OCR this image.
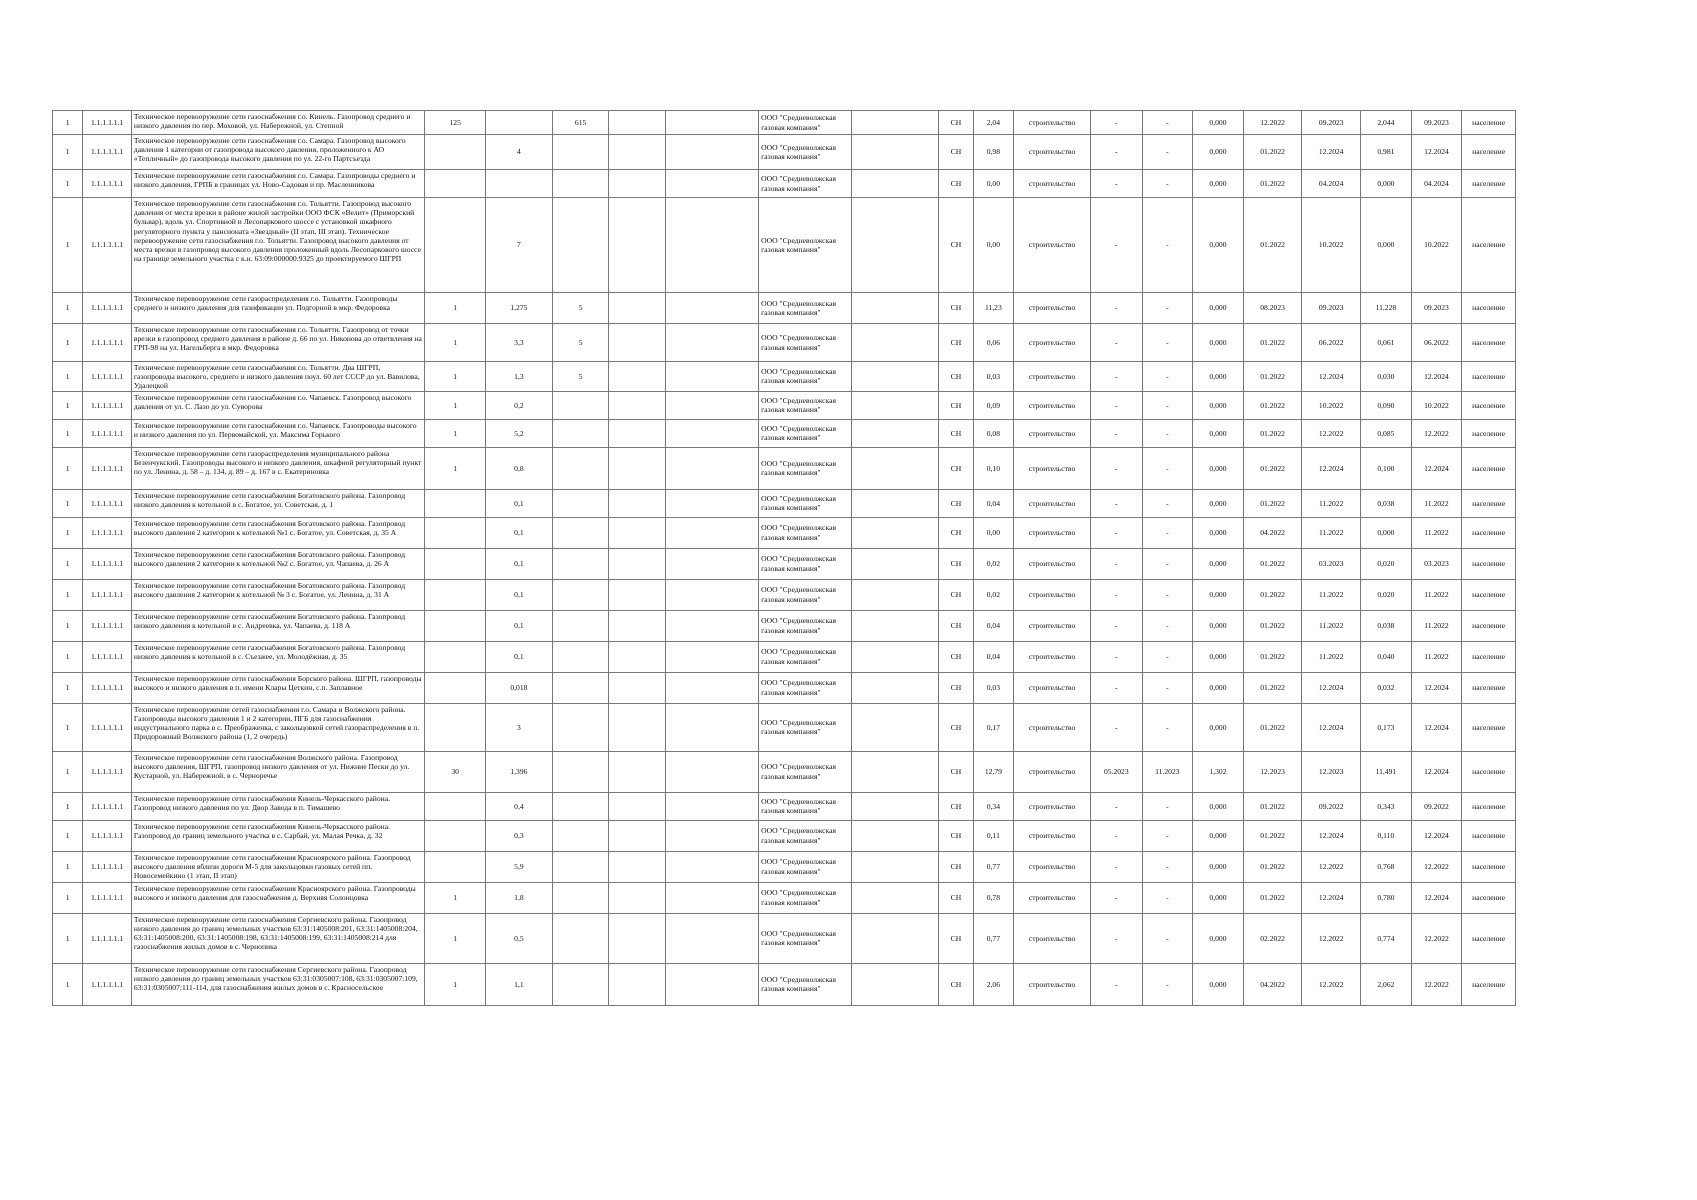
1	1.1.1.1.1.1	Техническое перевооружение сети газоснабжения г.о. Кинель. Газопровод среднего и низкого давления по пер. Моховой, ул. Набережной, ул. Степной	125		615			ООО "Средневолжская газовая компания"		СН	2,04	строительство	-	-	0,000	12.2022	09.2023	2,044	09.2023	население
1	1.1.1.1.1.1	Техническое перевооружение сети газоснабжения г.о. Самара. Газопровод высокого давления 1 категории от газопровода высокого давления, проложенного к АО «Тепличный» до газопровода высокого давления по ул. 22-го Партсъезда		4				ООО "Средневолжская газовая компания"		СН	0,98	строительство	-	-	0,000	01.2022	12.2024	0,981	12.2024	население
1	1.1.1.1.1.1	Техническое перевооружение сети газоснабжения г.о. Самара. Газопроводы среднего и низкого давления, ГРПБ в границах ул. Ново-Садовая и пр. Масленникова						ООО "Средневолжская газовая компания"		СН	0,00	строительство	-	-	0,000	01.2022	04.2024	0,000	04.2024	население
1	1.1.1.1.1.1	Техническое перевооружение сети газоснабжения г.о. Тольятти. Газопровод высокого давления от места врезки в районе жилой застройки ООО ФСК «Велит» (Приморский бульвар), вдоль ул. Спортивной и Лесопаркового шоссе с установкой шкафного регуляторного пункта у пансионата «Звездный» (II этап, III этап). Техническое перевооружение сети газоснабжения г.о. Тольятти. Газопровод высокого давления от места врезки в газопровод высокого давления проложенный вдоль Лесопаркового шоссе на границе земельного участка с к.н. 63:09:000000:9325 до проектируемого ШГРП		7				ООО "Средневолжская газовая компания"		СН	0,00	строительство	-	-	0,000	01.2022	10.2022	0,000	10.2022	население
1	1.1.1.1.1.1	Техническое перевооружение сети газораспределения г.о. Тольятти. Газопроводы среднего и низкого давления для газификации ул. Подгорной в мкр. Федоровка	1	1,275	5			ООО "Средневолжская газовая компания"		СН	11,23	строительство	-	-	0,000	08.2023	09.2023	11,228	09.2023	население
1	1.1.1.1.1.1	Техническое перевооружение сети газоснабжения г.о. Тольятти. Газопровод от точки врезки в газопровод среднего давления в районе д. 66 по ул. Никонова до ответвления на ГРП-98 на ул. Нагельберга в мкр. Федоровка	1	3,3	5			ООО "Средневолжская газовая компания"		СН	0,06	строительство	-	-	0,000	01.2022	06.2022	0,061	06.2022	население
1	1.1.1.1.1.1	Техническое перевооружение сети газоснабжения г.о. Тольятти. Два ШГРП, газопроводы высокого, среднего и низкого давления поул. 60 лет СССР до ул. Вавилова, Удалецкой	1	1,3	5			ООО "Средневолжская газовая компания"		СН	0,03	строительство	-	-	0,000	01.2022	12.2024	0,030	12.2024	население
1	1.1.1.1.1.1	Техническое перевооружение сети газоснабжения г.о. Чапаевск. Газопровод высокого давления от ул. С. Лазо до ул. Суворова	1	0,2				ООО "Средневолжская газовая компания"		СН	0,09	строительство	-	-	0,000	01.2022	10.2022	0,090	10.2022	население
1	1.1.1.1.1.1	Техническое перевооружение сети газоснабжения г.о. Чапаевск. Газопроводы высокого и низкого давления по ул. Первомайской, ул. Максима Горького	1	5,2				ООО "Средневолжская газовая компания"		СН	0,08	строительство	-	-	0,000	01.2022	12.2022	0,085	12.2022	население
1	1.1.1.1.1.1	Техническое перевооружение сети газораспределения муниципального района Безенчукский. Газопроводы высокого и низкого давления, шкафной регуляторный пункт по ул. Ленина, д. 58 – д. 134, д. 89 – д. 167 в с. Екатериновка	1	0,8				ООО "Средневолжская газовая компания"		СН	0,10	строительство	-	-	0,000	01.2022	12.2024	0,100	12.2024	население
1	1.1.1.1.1.1	Техническое перевооружение сети газоснабжения Богатовского района. Газопровод низкого давления к котельной в с. Богатое, ул. Советская, д. 1		0,1				ООО "Средневолжская газовая компания"		СН	0,04	строительство	-	-	0,000	01.2022	11.2022	0,038	11.2022	население
1	1.1.1.1.1.1	Техническое перевооружение сети газоснабжения Богатовского района. Газопровод высокого давления 2 категории к котельной №1 с. Богатое, ул. Советская, д. 35 А		0,1				ООО "Средневолжская газовая компания"		СН	0,00	строительство	-	-	0,000	04.2022	11.2022	0,000	11.2022	население
1	1.1.1.1.1.1	Техническое перевооружение сети газоснабжения Богатовского района. Газопровод высокого давления 2 категории к котельной №2 с. Богатое, ул. Чапаева, д. 26 А		0,1				ООО "Средневолжская газовая компания"		СН	0,02	строительство	-	-	0,000	01.2022	03.2023	0,020	03.2023	население
1	1.1.1.1.1.1	Техническое перевооружение сети газоснабжения Богатовского района. Газопровод высокого давления 2 категории к котельной № 3 с. Богатое, ул. Ленина, д. 31 А		0,1				ООО "Средневолжская газовая компания"		СН	0,02	строительство	-	-	0,000	01.2022	11.2022	0,020	11.2022	население
1	1.1.1.1.1.1	Техническое перевооружение сети газоснабжения Богатовского района. Газопровод низкого давления к котельной в с. Андреевка, ул. Чапаева, д. 118 А		0,1				ООО "Средневолжская газовая компания"		СН	0,04	строительство	-	-	0,000	01.2022	11.2022	0,038	11.2022	население
1	1.1.1.1.1.1	Техническое перевооружение сети газоснабжения Богатовского района. Газопровод низкого давления к котельной в с. Съезжее, ул. Молодёжная, д. 35		0,1				ООО "Средневолжская газовая компания"		СН	0,04	строительство	-	-	0,000	01.2022	11.2022	0,040	11.2022	население
1	1.1.1.1.1.1	Техническое перевооружение сети газоснабжения Борского района. ШГРП, газопроводы высокого и низкого давления в п. имени Клары Цеткин, с.п. Заплавное		0,018				ООО "Средневолжская газовая компания"		СН	0,03	строительство	-	-	0,000	01.2022	12.2024	0,032	12.2024	население
1	1.1.1.1.1.1	Техническое перевооружение сетей газоснабжения г.о. Самара и Волжского района. Газопроводы высокого давления 1 и 2 категории, ПГБ для газоснабжения индустриального парка в с. Преображенка, с закольцовкой сетей газораспределения в п. Придорожный Волжского района (1, 2 очередь)		3				ООО "Средневолжская газовая компания"		СН	0,17	строительство	-	-	0,000	01.2022	12.2024	0,173	12.2024	население
1	1.1.1.1.1.1	Техническое перевооружение сети газоснабжения Волжского района. Газопровод высокого давления, ШГРП, газопровод низкого давления от ул. Нижние Пески до ул. Кустарной, ул. Набережной, в с. Черноречье	30	1,396				ООО "Средневолжская газовая компания"		СН	12,79	строительство	05.2023	11.2023	1,302	12.2023	12.2023	11,491	12.2024	население
1	1.1.1.1.1.1	Техническое перевооружение сети газоснабжения Кинель-Черкасского района. Газопровод низкого давления по ул. Двор Завода в п. Тимашево		0,4				ООО "Средневолжская газовая компания"		СН	0,34	строительство	-	-	0,000	01.2022	09.2022	0,343	09.2022	население
1	1.1.1.1.1.1	Техническое перевооружение сети газоснабжения Кинель-Черкасского района. Газопровод до границ земельного участка в с. Сарбай, ул. Малая Речка, д. 32		0,3				ООО "Средневолжская газовая компания"		СН	0,11	строительство	-	-	0,000	01.2022	12.2024	0,110	12.2024	население
1	1.1.1.1.1.1	Техническое перевооружение сети газоснабжения Красноярского района. Газопровод высокого давления вблизи дороги М-5 для закольцовки газовых сетей пп. Новосемейкино (1 этап, II этап)		5,9				ООО "Средневолжская газовая компания"		СН	0,77	строительство	-	-	0,000	01.2022	12.2022	0,768	12.2022	население
1	1.1.1.1.1.1	Техническое перевооружение сети газоснабжения Красноярского района. Газопроводы высокого и низкого давления для газоснабжения д. Верхняя Солонцовка	1	1,8				ООО "Средневолжская газовая компания"		СН	0,78	строительство	-	-	0,000	01.2022	12.2024	0,780	12.2024	население
1	1.1.1.1.1.1	Техническое перевооружение сети газоснабжения Сергиевского района. Газопровод низкого давления до границ земельных участков 63:31:1405008:201, 63:31:1405008:204, 63:31:1405008:200, 63:31:1405008:198, 63:31:1405008:199, 63:31:1405008:214 для газоснабжения жилых домов в с. Чернопика	1	0,5				ООО "Средневолжская газовая компания"		СН	0,77	строительство	-	-	0,000	02.2022	12.2022	0,774	12.2022	население
1	1.1.1.1.1.1	Техническое перевооружение сети газоснабжения Сергиевского района. Газопровод низкого давления до границ земельных участков 63:31:0305007:108, 63:31:0305007:109, 63:31:0305007:111-114, для газоснабжения жилых домов в с. Красносельское	1	1,1				ООО "Средневолжская газовая компания"		СН	2,06	строительство	-	-	0,000	04.2022	12.2022	2,062	12.2022	население
